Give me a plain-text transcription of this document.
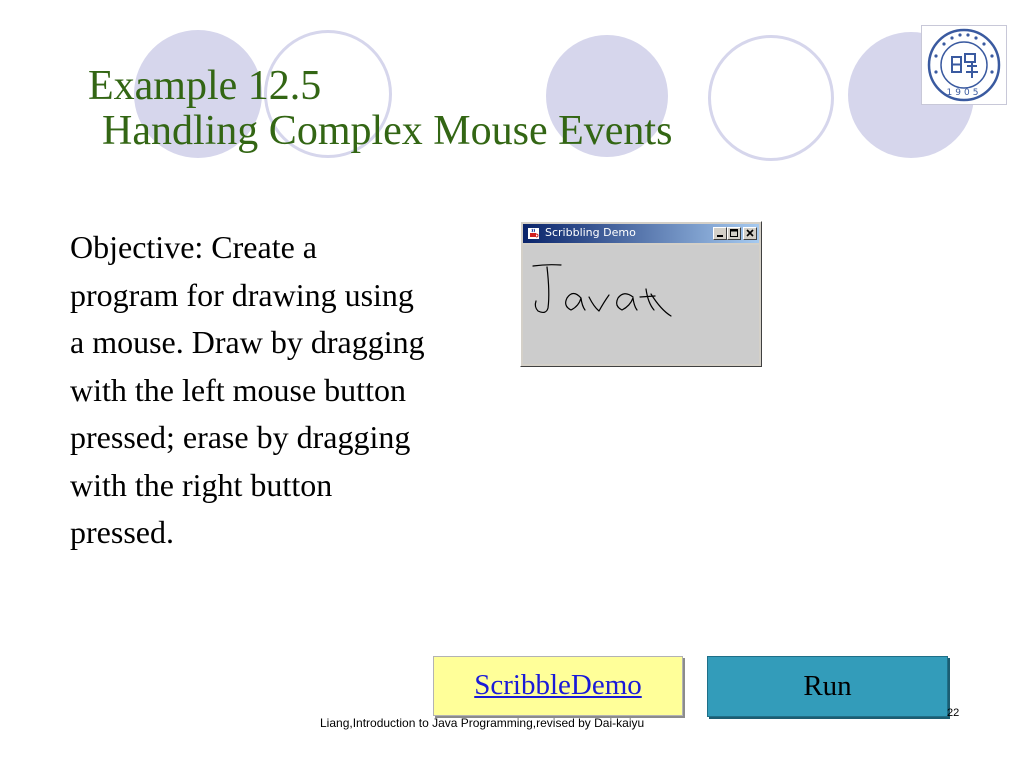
1905
Example 12.5
Handling Complex Mouse Events

Objective: Create a program for drawing using a mouse. Draw by dragging with the left mouse button pressed; erase by dragging with the right button pressed.

Scribbling Demo
ScribbleDemo	Run
Liang,Introduction to Java Programming,revised by Dai-kaiyu
22
